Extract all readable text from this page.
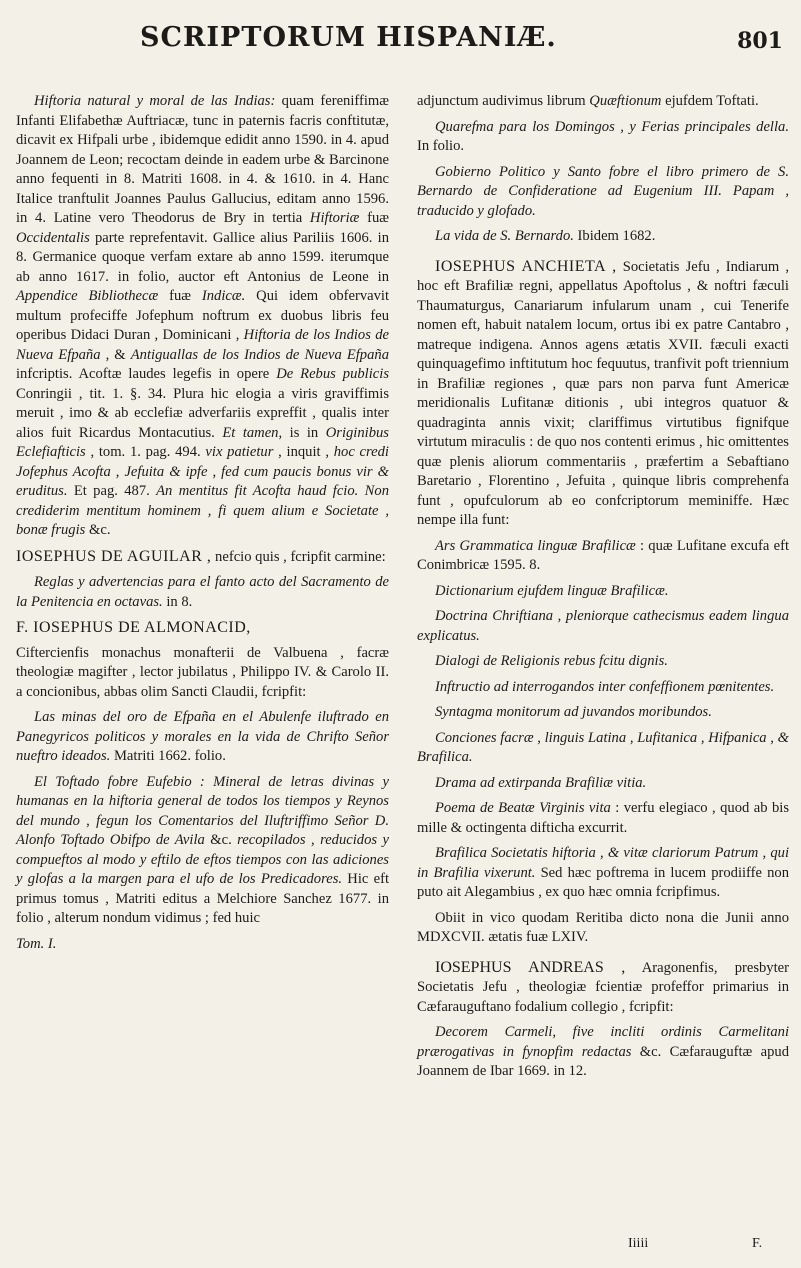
SCRIPTORUM HISPANIÆ.	801

Hiftoria natural y moral de las Indias: quam fereniffimæ Infanti Elifabethæ Auftriacæ, tunc in paternis facris conftitutæ, dicavit ex Hifpali urbe , ibidemque edidit anno 1590. in 4. apud Joannem de Leon; recoctam deinde in eadem urbe & Barcinone anno fequenti in 8. Matriti 1608. in 4. & 1610. in 4. Hanc Italice tranftulit Joannes Paulus Gallucius, editam anno 1596. in 4. Latine vero Theodorus de Bry in tertia Hiftoriæ fuæ Occidentalis parte reprefentavit. Gallice alius Pariliis 1606. in 8. Germanice quoque verfam extare ab anno 1599. iterumque ab anno 1617. in folio, auctor eft Antonius de Leone in Appendice Bibliothecæ fuæ Indicæ. Qui idem obfervavit multum profeciffe Jofephum noftrum ex duobus libris feu operibus Didaci Duran , Dominicani , Hiftoria de los Indios de Nueva Efpaña , & Antiguallas de los Indios de Nueva Efpaña infcriptis. Acoftæ laudes legefis in opere De Rebus publicis Conringii , tit. 1. §. 34. Plura hic elogia a viris graviffimis meruit , imo & ab ecclefiæ adverfariis expreffit , qualis inter alios fuit Ricardus Montacutius. Et tamen, is in Originibus Eclefiafticis , tom. 1. pag. 494. vix patietur , inquit , hoc credi Jofephus Acofta , Jefuita & ipfe , fed cum paucis bonus vir & eruditus. Et pag. 487. An mentitus fit Acofta haud fcio. Non crediderim mentitum hominem , fi quem alium e Societate , bonæ frugis &c.

IOSEPHUS DE AGUILAR , nefcio quis , fcripfit carmine:

Reglas y advertencias para el fanto acto del Sacramento de la Penitencia en octavas. in 8.

F. IOSEPHUS DE ALMONACID,

Ciftercienfis monachus monafterii de Valbuena , facræ theologiæ magifter , lector jubilatus , Philippo IV. & Carolo II. a concionibus, abbas olim Sancti Claudii, fcripfit:

Las minas del oro de Efpaña en el Abulenfe iluftrado en Panegyricos politicos y morales en la vida de Chrifto Señor nueftro ideados. Matriti 1662. folio.

El Toftado fobre Eufebio : Mineral de letras divinas y humanas en la hiftoria general de todos los tiempos y Reynos del mundo , fegun los Comentarios del Iluftriffimo Señor D. Alonfo Toftado Obifpo de Avila &c. recopilados , reducidos y compueftos al modo y eftilo de eftos tiempos con las adiciones y glofas a la margen para el ufo de los Predicadores. Hic eft primus tomus , Matriti editus a Melchiore Sanchez 1677. in folio , alterum nondum vidimus ; fed huic

Tom. I.

adjunctum audivimus librum Quæftionum ejufdem Toftati.

Quarefma para los Domingos , y Ferias principales della. In folio.

Gobierno Politico y Santo fobre el libro primero de S. Bernardo de Confideratione ad Eugenium III. Papam , traducido y glofado.

La vida de S. Bernardo. Ibidem 1682.

IOSEPHUS ANCHIETA , Societatis Jefu , Indiarum , hoc eft Brafiliæ regni, appellatus Apoftolus , & noftri fæculi Thaumaturgus, Canariarum infularum unam , cui Tenerife nomen eft, habuit natalem locum, ortus ibi ex patre Cantabro , matreque indigena. Annos agens ætatis XVII. fæculi exacti quinquagefimo inftitutum hoc fequutus, tranfivit poft triennium in Brafiliæ regiones , quæ pars non parva funt Americæ meridionalis Lufitanæ ditionis , ubi integros quatuor & quadraginta annis vixit; clariffimus virtutibus fignifque virtutum miraculis : de quo nos contenti erimus , hic omittentes quæ plenis aliorum commentariis , præfertim a Sebaftiano Baretario , Florentino , Jefuita , quinque libris comprehenfa funt , opufculorum ab eo confcriptorum meminiffe. Hæc nempe illa funt:

Ars Grammatica linguæ Brafilicæ : quæ Lufitane excufa eft Conimbricæ 1595. 8.

Dictionarium ejufdem linguæ Brafilicæ.

Doctrina Chriftiana , pleniorque cathecismus eadem lingua explicatus.

Dialogi de Religionis rebus fcitu dignis.

Inftructio ad interrogandos inter confeffionem pœnitentes.

Syntagma monitorum ad juvandos moribundos.

Conciones facræ , linguis Latina , Lufitanica , Hifpanica , & Brafilica.

Drama ad extirpanda Brafiliæ vitia.

Poema de Beatæ Virginis vita : verfu elegiaco , quod ab bis mille & octingenta difticha excurrit.

Brafilica Societatis hiftoria , & vitæ clariorum Patrum , qui in Brafilia vixerunt. Sed hæc poftrema in lucem prodiiffe non puto ait Alegambius , ex quo hæc omnia fcripfimus.

Obiit in vico quodam Reritiba dicto nona die Junii anno MDXCVII. ætatis fuæ LXIV.

IOSEPHUS ANDREAS , Aragonenfis, presbyter Societatis Jefu , theologiæ fcientiæ profeffor primarius in Cæfarauguftano fodalium collegio , fcripfit:

Decorem Carmeli, five incliti ordinis Carmelitani prærogativas in fynopfim redactas &c. Cæfarauguftæ apud Joannem de Ibar 1669. in 12.

Iiiii	F.
